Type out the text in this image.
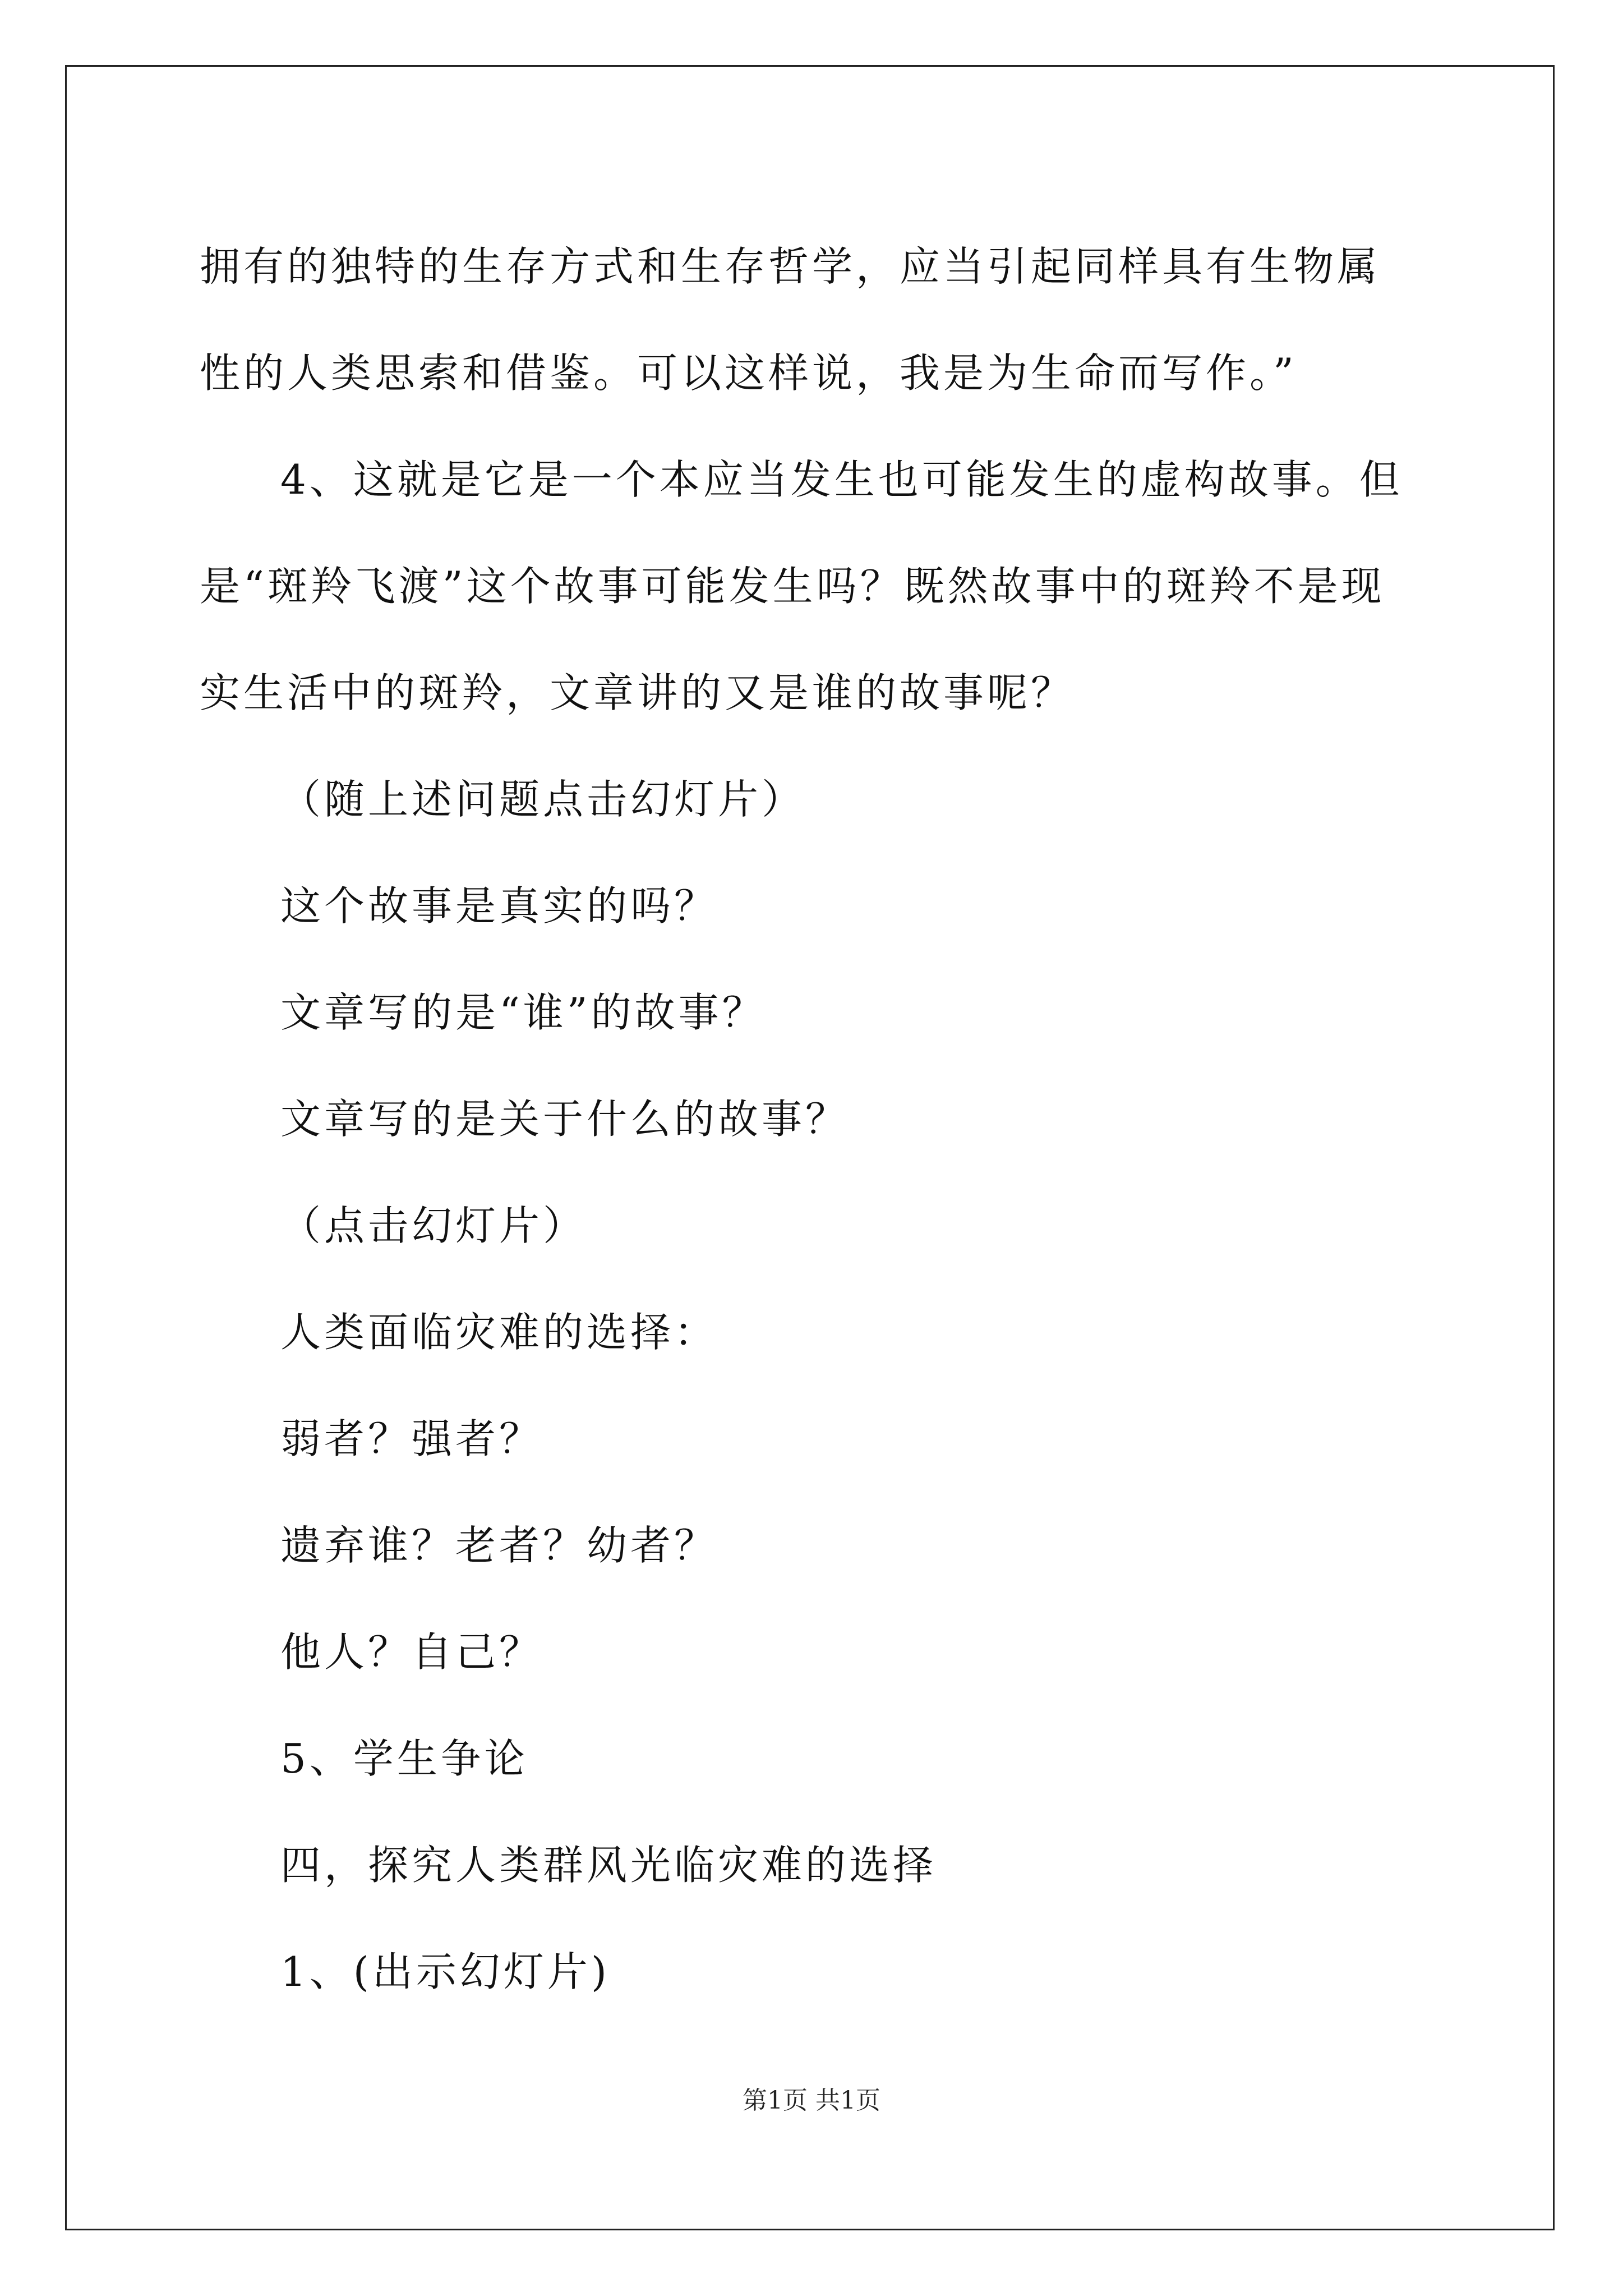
拥有的独特的生存方式和生存哲学，应当引起同样具有生物属性的人类思索和借鉴。可以这样说，我是为生命而写作。”

4、这就是它是一个本应当发生也可能发生的虚构故事。但是“斑羚飞渡”这个故事可能发生吗？既然故事中的斑羚不是现实生活中的斑羚，文章讲的又是谁的故事呢？

（随上述问题点击幻灯片）

这个故事是真实的吗？

文章写的是“谁”的故事？

文章写的是关于什么的故事？

（点击幻灯片）

人类面临灾难的选择：

弱者？强者？

遗弃谁？老者？幼者？

他人？自己？

5、学生争论

四，探究人类群风光临灾难的选择

1、(出示幻灯片)

第1页 共1页
